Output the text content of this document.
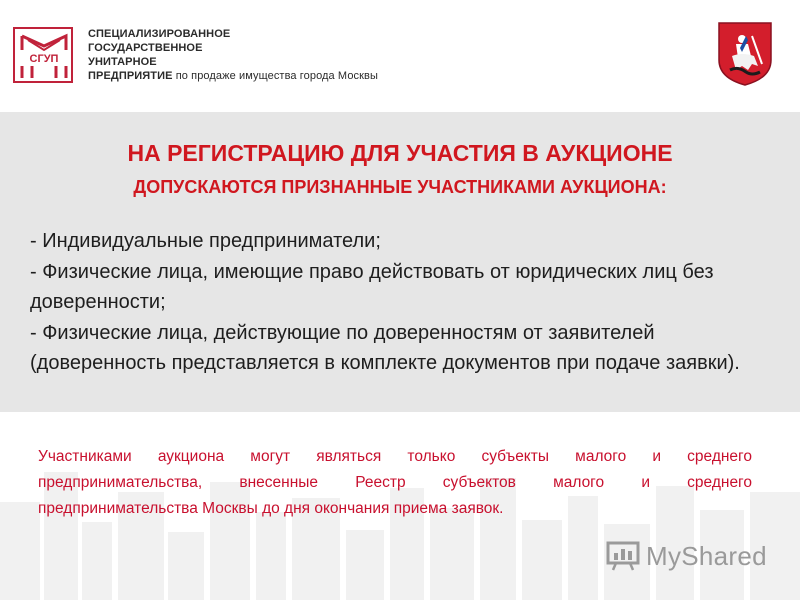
СГУП
СПЕЦИАЛИЗИРОВАННОЕ
ГОСУДАРСТВЕННОЕ
УНИТАРНОЕ
ПРЕДПРИЯТИЕ по продаже имущества города Москвы
НА РЕГИСТРАЦИЮ ДЛЯ УЧАСТИЯ В АУКЦИОНЕ
ДОПУСКАЮТСЯ ПРИЗНАННЫЕ УЧАСТНИКАМИ АУКЦИОНА:

- Индивидуальные предприниматели;

- Физические лица, имеющие право действовать от юридических лиц без доверенности;

- Физические лица, действующие по доверенностям от заявителей (доверенность представляется в комплекте документов при подаче заявки).

Участниками аукциона могут являться только субъекты малого и среднего
предпринимательства, внесенные Реестр субъектов малого и среднего
предпринимательства Москвы до дня окончания приема заявок.
MyShared
